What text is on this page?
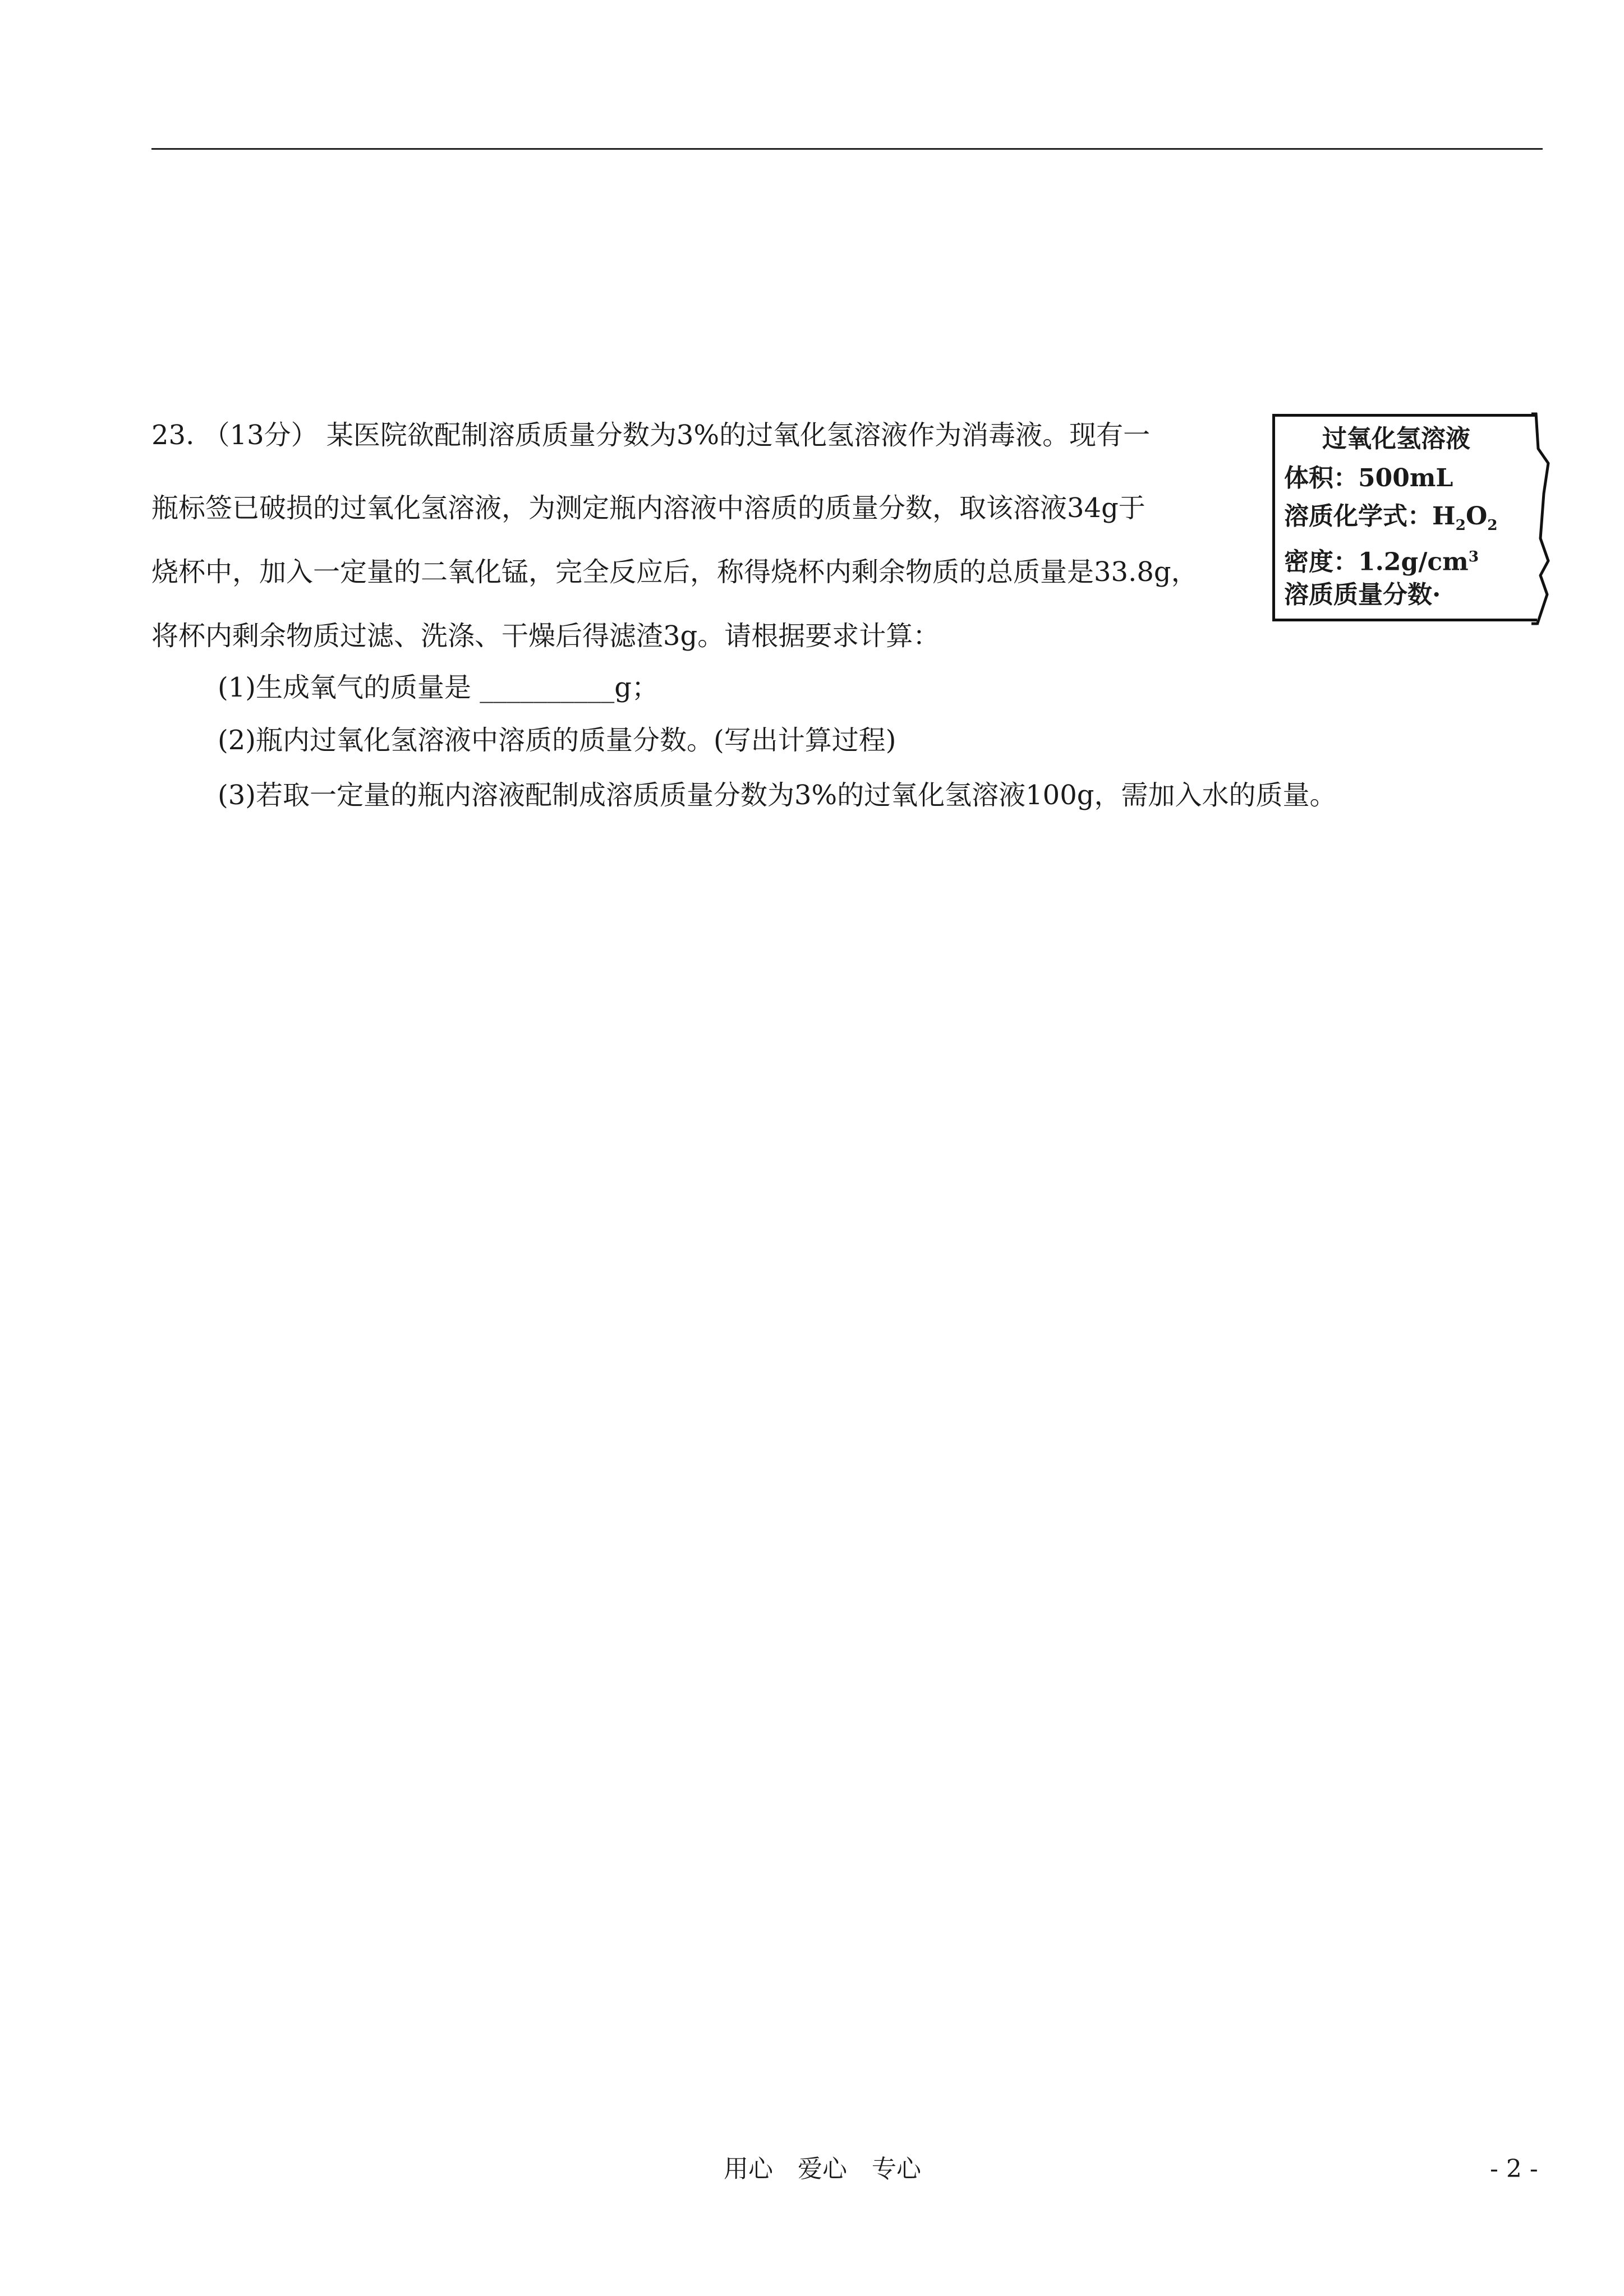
23. （13分） 某医院欲配制溶质质量分数为3%的过氧化氢溶液作为消毒液。现有一
瓶标签已破损的过氧化氢溶液，为测定瓶内溶液中溶质的质量分数，取该溶液34g于
烧杯中，加入一定量的二氧化锰，完全反应后，称得烧杯内剩余物质的总质量是33.8g，
将杯内剩余物质过滤、洗涤、干燥后得滤渣3g。请根据要求计算：
(1)生成氧气的质量是 __________g；
(2)瓶内过氧化氢溶液中溶质的质量分数。(写出计算过程)
(3)若取一定量的瓶内溶液配制成溶质质量分数为3%的过氧化氢溶液100g，需加入水的质量。
过氧化氢溶液
体积：500mL
溶质化学式：$H_2O_2$
密度：$1.2g/cm^3$
溶质质量分数·
用心 爱心 专心	- 2 -
